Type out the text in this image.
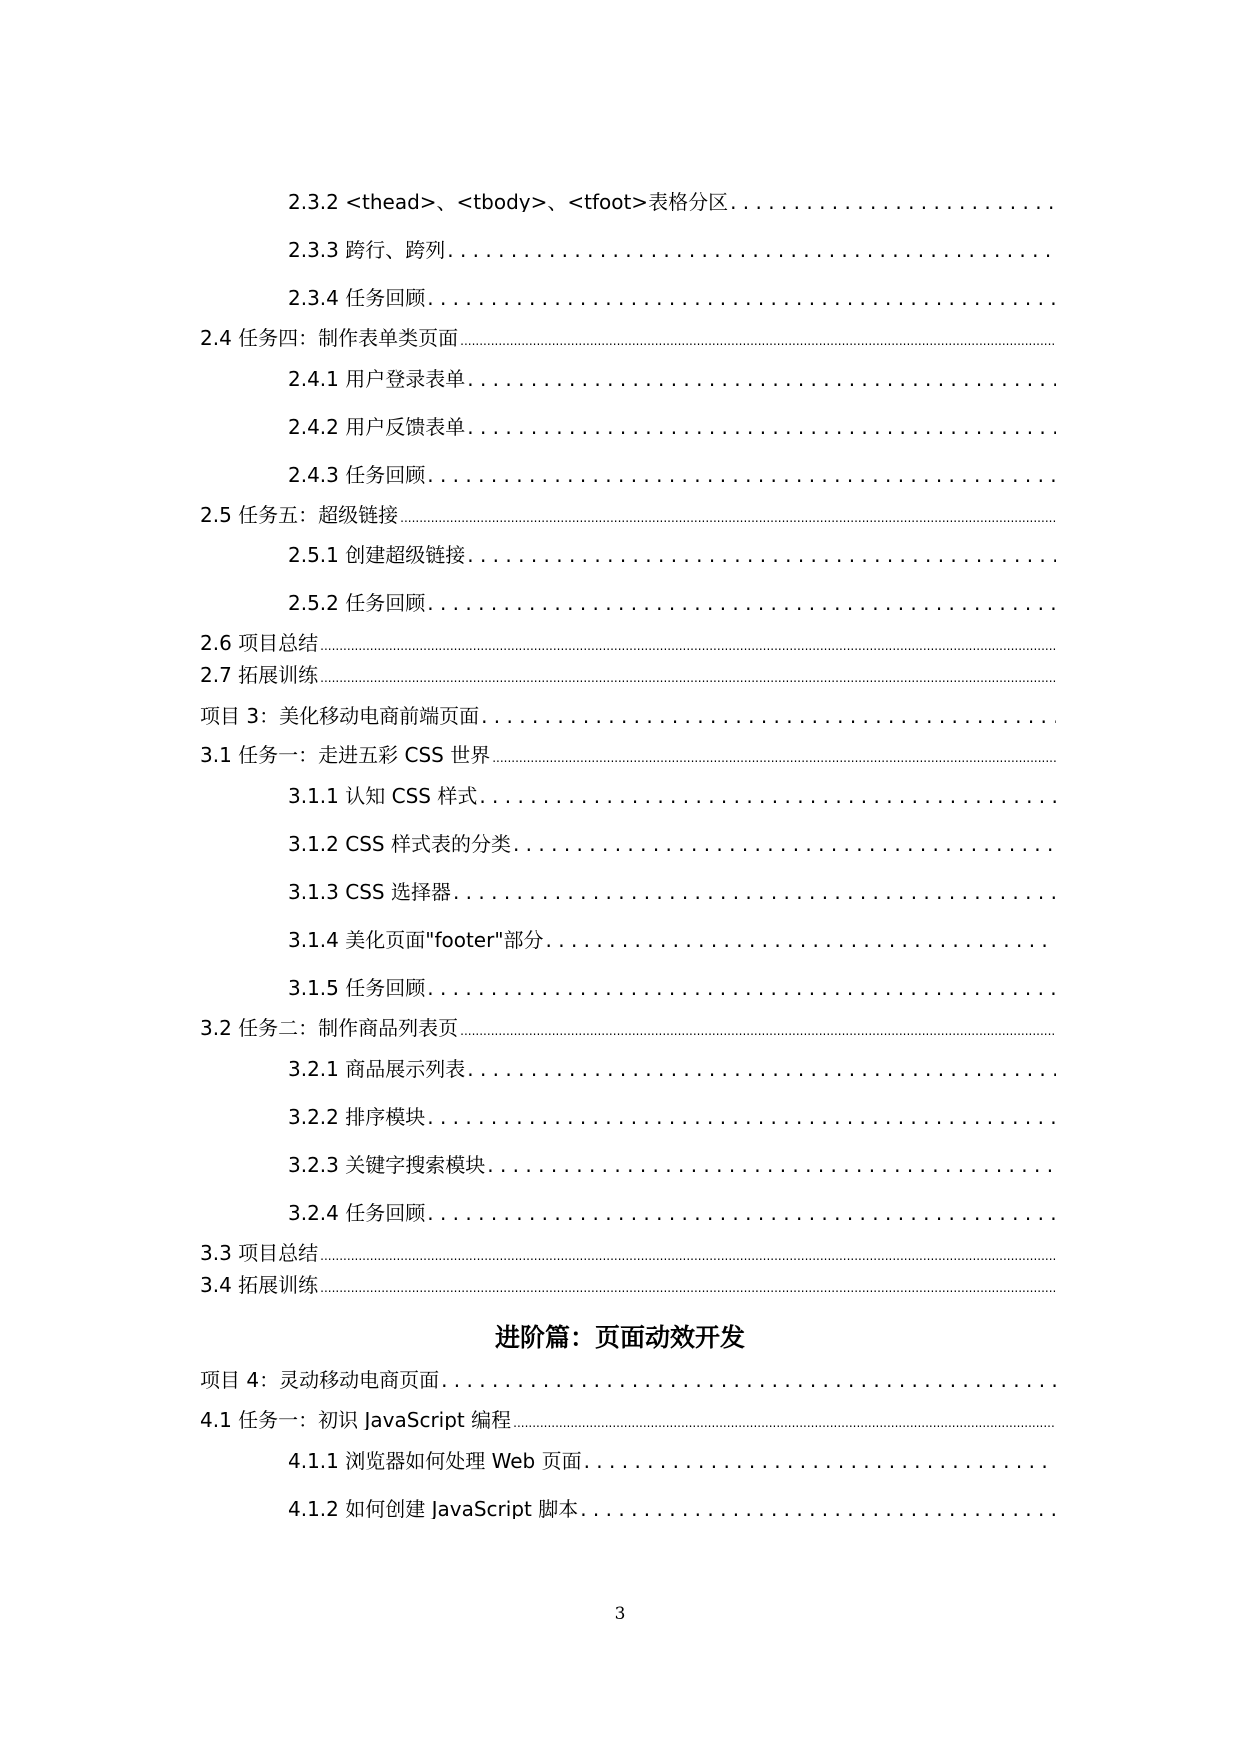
2.3.2 <thead>、<tbody>、<tfoot>表格分区
. . .
2.3.3 跨行、跨列
. . .
2.3.4 任务回顾
. . .
2.4 任务四：制作表单类页面
.....
2.4.1 用户登录表单
. . .
2.4.2 用户反馈表单
. . .
2.4.3 任务回顾
. . .
2.5 任务五：超级链接
.....
2.5.1 创建超级链接
. . .
2.5.2 任务回顾
. . .
2.6 项目总结
.....
2.7 拓展训练
.....
项目 3：美化移动电商前端页面
. . .
3.1 任务一：走进五彩 CSS 世界
.....
3.1.1 认知 CSS 样式
. . .
3.1.2 CSS 样式表的分类
. . .
3.1.3 CSS 选择器
. . .
3.1.4 美化页面"footer"部分
. . .
3.1.5 任务回顾
. . .
3.2 任务二：制作商品列表页
.....
3.2.1 商品展示列表
. . .
3.2.2 排序模块
. . .
3.2.3 关键字搜索模块
. . .
3.2.4 任务回顾
. . .
3.3 项目总结
.....
3.4 拓展训练
.....
进阶篇：页面动效开发
项目 4：灵动移动电商页面
. . .
4.1 任务一：初识 JavaScript 编程
.....
4.1.1 浏览器如何处理 Web 页面
. . .
4.1.2 如何创建 JavaScript 脚本
. . .
3
